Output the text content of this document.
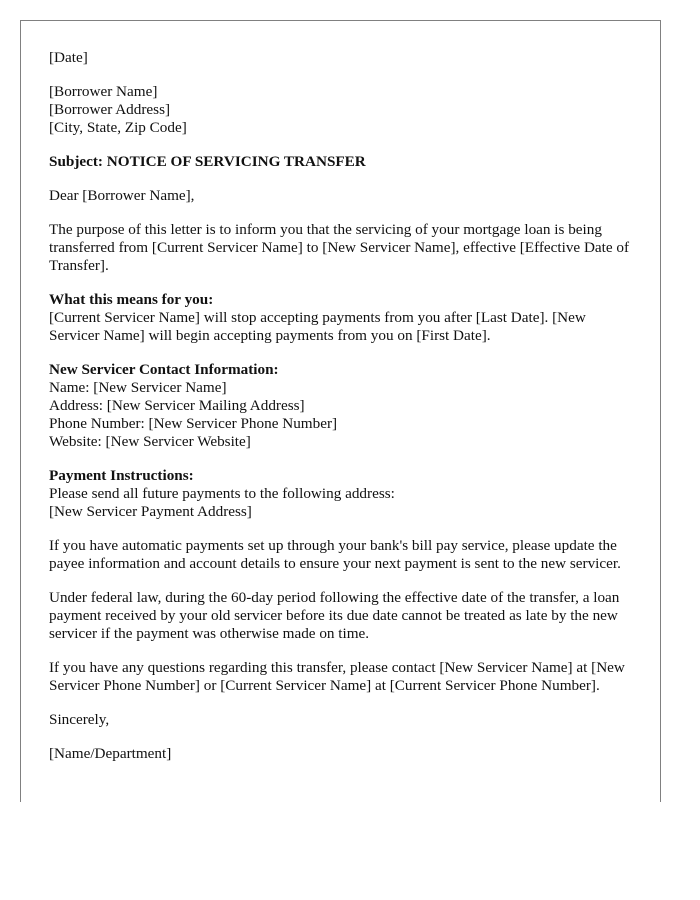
[Date]
[Borrower Name]
[Borrower Address]
[City, State, Zip Code]
Subject: NOTICE OF SERVICING TRANSFER

Dear [Borrower Name],

The purpose of this letter is to inform you that the servicing of your mortgage loan is being transferred from [Current Servicer Name] to [New Servicer Name], effective [Effective Date of Transfer].

What this means for you:
[Current Servicer Name] will stop accepting payments from you after [Last Date]. [New Servicer Name] will begin accepting payments from you on [First Date].
New Servicer Contact Information:
Name: [New Servicer Name]
Address: [New Servicer Mailing Address]
Phone Number: [New Servicer Phone Number]
Website: [New Servicer Website]
Payment Instructions:
Please send all future payments to the following address:
[New Servicer Payment Address]

If you have automatic payments set up through your bank's bill pay service, please update the payee information and account details to ensure your next payment is sent to the new servicer.

Under federal law, during the 60-day period following the effective date of the transfer, a loan payment received by your old servicer before its due date cannot be treated as late by the new servicer if the payment was otherwise made on time.

If you have any questions regarding this transfer, please contact [New Servicer Name] at [New Servicer Phone Number] or [Current Servicer Name] at [Current Servicer Phone Number].

Sincerely,

[Name/Department]
